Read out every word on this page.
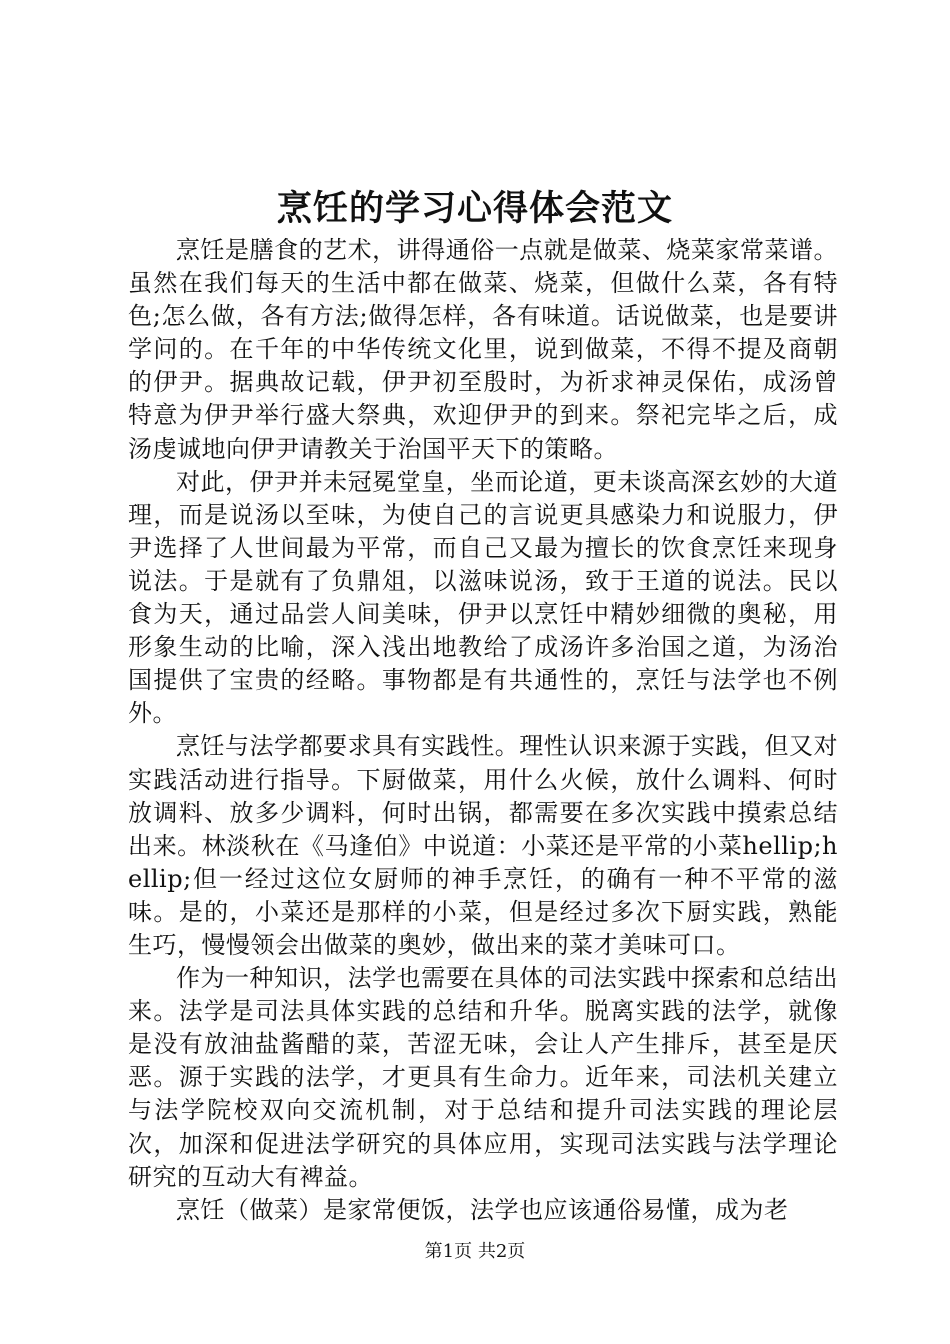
烹饪的学习心得体会范文

烹饪是膳食的艺术，讲得通俗一点就是做菜、烧菜家常菜谱。虽然在我们每天的生活中都在做菜、烧菜，但做什么菜，各有特色;怎么做，各有方法;做得怎样，各有味道。话说做菜，也是要讲学问的。在千年的中华传统文化里，说到做菜，不得不提及商朝的伊尹。据典故记载，伊尹初至殷时，为祈求神灵保佑，成汤曾特意为伊尹举行盛大祭典，欢迎伊尹的到来。祭祀完毕之后，成汤虔诚地向伊尹请教关于治国平天下的策略。

对此，伊尹并未冠冕堂皇，坐而论道，更未谈高深玄妙的大道理，而是说汤以至味，为使自己的言说更具感染力和说服力，伊尹选择了人世间最为平常，而自己又最为擅长的饮食烹饪来现身说法。于是就有了负鼎俎，以滋味说汤，致于王道的说法。民以食为天，通过品尝人间美味，伊尹以烹饪中精妙细微的奥秘，用形象生动的比喻，深入浅出地教给了成汤许多治国之道，为汤治国提供了宝贵的经略。事物都是有共通性的，烹饪与法学也不例外。

烹饪与法学都要求具有实践性。理性认识来源于实践，但又对实践活动进行指导。下厨做菜，用什么火候，放什么调料、何时放调料、放多少调料，何时出锅，都需要在多次实践中摸索总结出来。林淡秋在《马逢伯》中说道：小菜还是平常的小菜hellip;hellip;但一经过这位女厨师的神手烹饪，的确有一种不平常的滋味。是的，小菜还是那样的小菜，但是经过多次下厨实践，熟能生巧，慢慢领会出做菜的奥妙，做出来的菜才美味可口。

作为一种知识，法学也需要在具体的司法实践中探索和总结出来。法学是司法具体实践的总结和升华。脱离实践的法学，就像是没有放油盐酱醋的菜，苦涩无味，会让人产生排斥，甚至是厌恶。源于实践的法学，才更具有生命力。近年来，司法机关建立与法学院校双向交流机制，对于总结和提升司法实践的理论层次，加深和促进法学研究的具体应用，实现司法实践与法学理论研究的互动大有裨益。

烹饪（做菜）是家常便饭，法学也应该通俗易懂，成为老

第1页 共2页
